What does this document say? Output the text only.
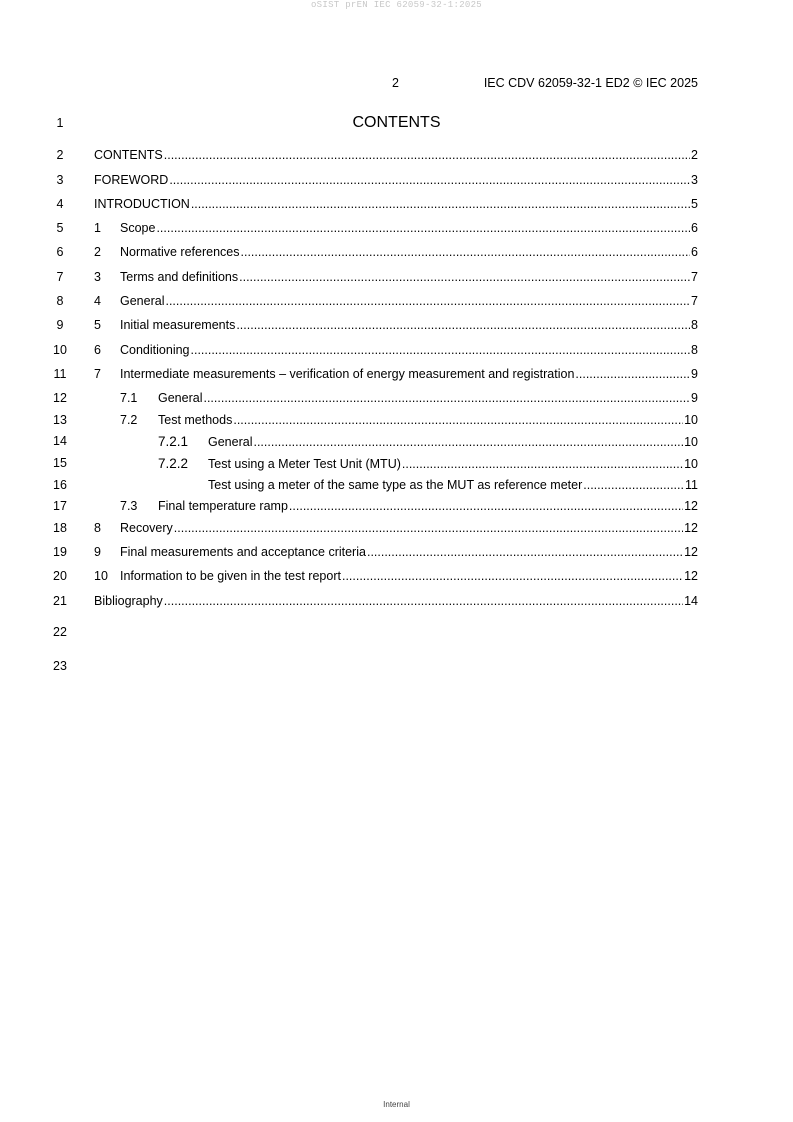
oSIST prEN IEC 62059-32-1:2025
2	IEC CDV 62059-32-1 ED2 © IEC 2025
CONTENTS
1
2
3
4
5
6
7
8
9
10
11
12
13
14
15
16
17
18
19
20
21
22
23
CONTENTS .....	2
FOREWORD .....	3
INTRODUCTION .....	5
1	Scope .....	6
2	Normative references .....	6
3	Terms and definitions .....	7
4	General .....	7
5	Initial measurements .....	8
6	Conditioning .....	8
7	Intermediate measurements – verification of energy measurement and registration .....	9
7.1	General .....	9
7.2	Test methods .....	10
7.2.1	General .....	10
7.2.2	Test using a Meter Test Unit (MTU) .....	10
Test using a meter of the same type as the MUT as reference meter .....	11
7.3	Final temperature ramp .....	12
8	Recovery .....	12
9	Final measurements and acceptance criteria .....	12
10 Information to be given in the test report .....	12
Bibliography .....	14
Internal
